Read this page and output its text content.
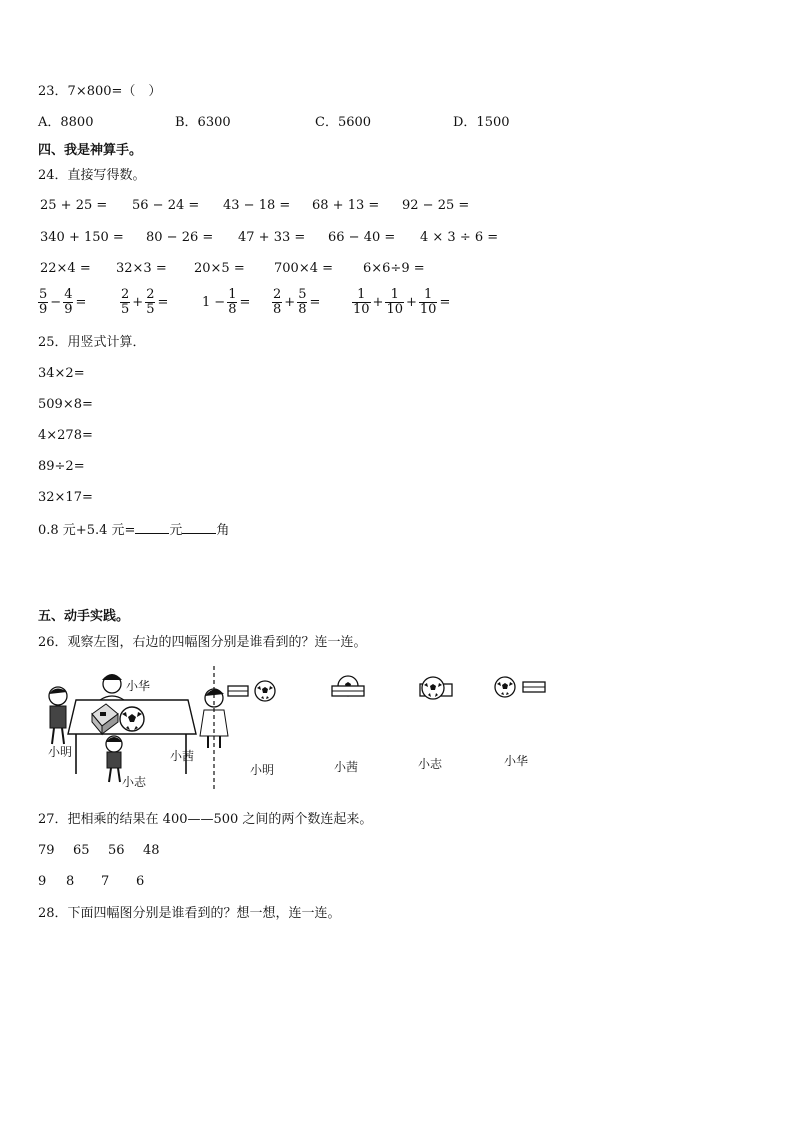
23．7×800=（　）
A．8800	B．6300	C．5600	D．1500
四、我是神算手。
24．直接写得数。
25 + 25 = 56 − 24 = 43 − 18 = 68 + 13 = 92 − 25 =
340 + 150 = 80 − 26 = 47 + 33 = 66 − 40 = 4 × 3 ÷ 6 =
22×4 = 32×3 = 20×5 = 700×4 = 6×6÷9 =
$\frac{5}{9} - \frac{4}{9}$ =	$\frac{2}{5} + \frac{2}{5}$ =	$1 - \frac{1}{8} = \frac{2}{8} + \frac{5}{8} = \frac{1}{10} + \frac{1}{10} + \frac{1}{10}$ =
25．用竖式计算．
34×2=
509×8=
4×278=
89÷2=
32×17=
0.8 元+5.4 元=	元	角
五、动手实践。
26．观察左图，右边的四幅图分别是谁看到的？连一连。
小华
小明	小茜
小志
小明	小茜	小志	小华
27．把相乘的结果在 400——500 之间的两个数连起来。
79 65 56 48
9 8 7 6
28．下面四幅图分别是谁看到的？想一想，连一连。
